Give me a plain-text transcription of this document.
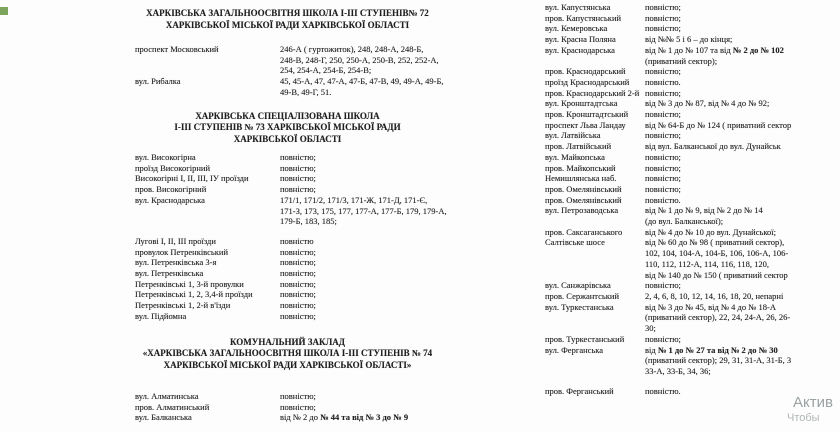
ХАРКІВСЬКА ЗАГАЛЬНООСВІТНЯ ШКОЛА І-ІІІ СТУПЕНІВ№ 72
ХАРКІВСЬКОЇ МІСЬКОЇ РАДИ ХАРКІВСЬКОЇ ОБЛАСТІ
проспект Московський	246-А ( гуртожиток), 248, 248-А, 248-Б,
248-В, 248-Г, 250, 250-А, 250-В, 252, 252-А,
254, 254-А, 254-Б, 254-В;
вул. Рибалка	45, 45-А, 47, 47-А, 47-Б, 47-В, 49, 49-А, 49-Б,
49-В, 49-Г, 51.
ХАРКІВСЬКА СПЕЦІАЛІЗОВАНА ШКОЛА
І-ІІІ СТУПЕНІВ № 73 ХАРКІВСЬКОЇ МІСЬКОЇ РАДИ
ХАРКІВСЬКОЇ ОБЛАСТІ
вул. Високогірна	повністю;
проїзд Високогірний	повністю;
Високогірні І, ІІ, ІІІ, ІУ проїзди	повністю;
пров. Високогірний	повністю;
вул. Краснодарська	171/1, 171/2, 171/3, 171-Ж, 171-Д, 171-Є,
171-З, 173, 175, 177, 177-А, 177-Б, 179, 179-А,
179-Б, 183, 185;
Лугові І, ІІ, ІІІ проїзди	повністю
провулок Петренківський	повністю;
вул. Петренківська 3-я	повністю;
вул. Петренківська	повністю;
Петренківські 1, 3-й провулки	повністю;
Петренківські 1, 2, 3,4-й проїзди	повністю;
Петренківські 1, 2-й в'їзди	повністю;
вул. Підйомна	повністю;
КОМУНАЛЬНИЙ ЗАКЛАД
«ХАРКІВСЬКА ЗАГАЛЬНООСВІТНЯ ШКОЛА І-ІІІ СТУПЕНІВ № 74
ХАРКІВСЬКОЇ МІСЬКОЇ РАДИ ХАРКІВСЬКОЇ ОБЛАСТІ»
вул. Алматинська	повністю;
пров. Алматинський	повністю;
вул. Балканська	від № 2 до № 44 та від № 3 до № 9
вул. Капустянська	повністю;
пров. Капустянський	повністю;
вул. Кемеровська	повністю;
вул. Красна Поляна	від №№ 5 і 6 – до кінця;
вул. Краснодарська	від № 1 до № 107 та від № 2 до № 102
(приватний сектор);
пров. Краснодарський	повністю;
проїзд Краснодарський	повністю.
пров. Краснодарський 2-й повністю;
вул. Кронштадтська	від № 3 до № 87, від № 4 до № 92;
пров. Кронштадтський	повністю;
проспект Льва Ландау	від № 64-Б до № 124 ( приватний сектор
вул. Латвійська	повністю;
пров. Латвійський	від вул. Балканської до вул. Дунайськ
вул. Майкопська	повністю;
пров. Майкопський	повністю;
Немишлянська наб.	повністю;
пров. Омелянівський	повністю;
пров. Омелянівський	повністю.
вул. Петрозаводська	від № 1 до № 9, від № 2 до № 14
(до вул. Балканської);
пров. Саксаганського	від № 4 до № 10 до вул. Дунайської;
Салтівське шосе	від № 60 до № 98 ( приватний сектор),
102, 104, 104-А, 104-Б, 106, 106-А, 106-
110, 112, 112-А, 114, 116, 118, 120,
від № 140 до № 150 ( приватний сектор
вул. Санжарівська	повністю;
пров. Сержантський	2, 4, 6, 8, 10, 12, 14, 16, 18, 20, непарні
вул. Туркестанська	від № 3 до № 45, від № 4 до № 18-А
(приватний сектор), 22, 24, 24-А, 26, 26-
30;
пров. Туркестанський	повністю;
вул. Ферганська	від № 1 до № 27 та від № 2 до № 30
(приватний сектор); 29, 31, 31-А, 31-Б, 3
33-А, 33-Б, 34, 36;
пров. Ферганський	повністю.
Актив
Чтобы
